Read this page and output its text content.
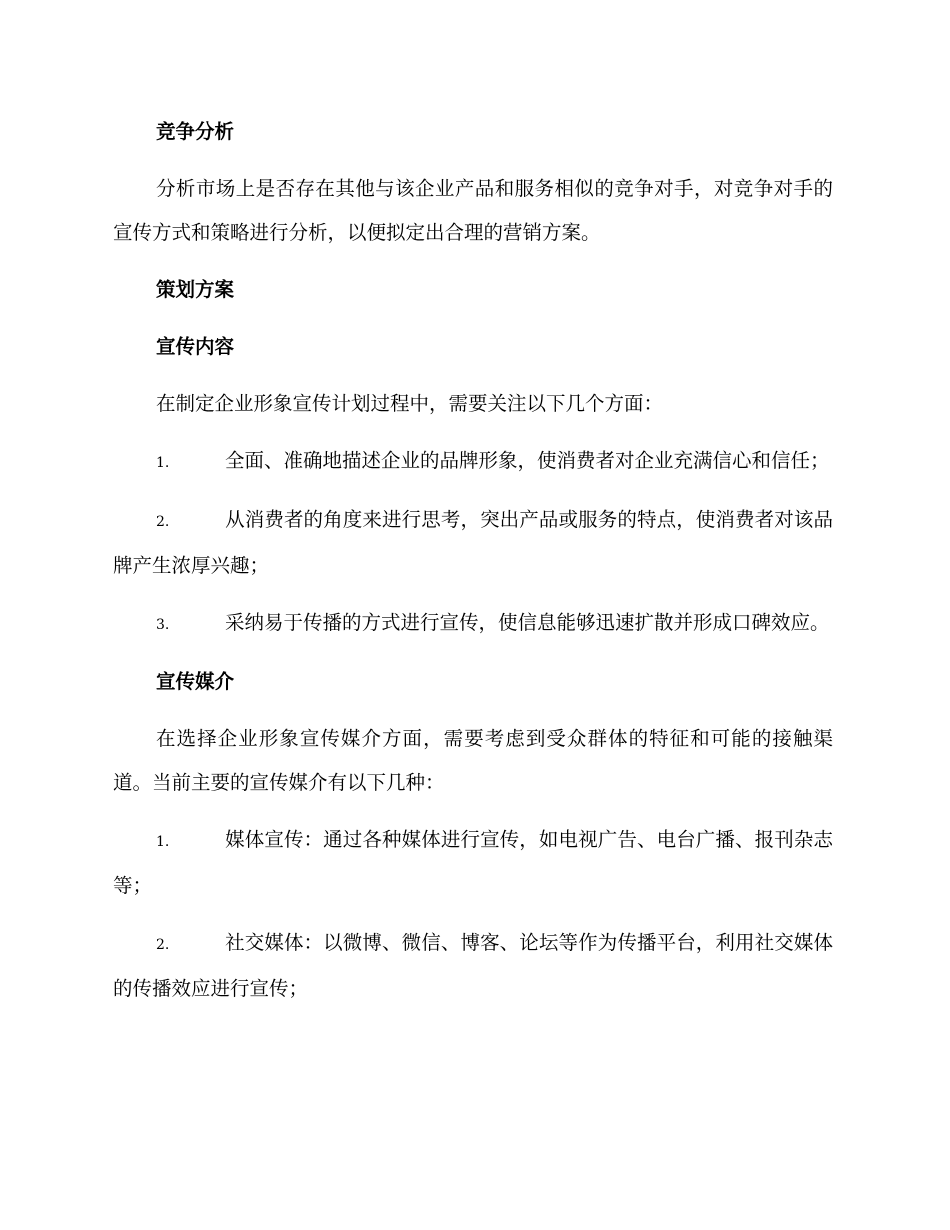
竞争分析

分析市场上是否存在其他与该企业产品和服务相似的竞争对手，对竞争对手的宣传方式和策略进行分析，以便拟定出合理的营销方案。

策划方案
宣传内容

在制定企业形象宣传计划过程中，需要关注以下几个方面：

1.	全面、准确地描述企业的品牌形象，使消费者对企业充满信心和信任；

2.	从消费者的角度来进行思考，突出产品或服务的特点，使消费者对该品牌产生浓厚兴趣；

3.	采纳易于传播的方式进行宣传，使信息能够迅速扩散并形成口碑效应。

宣传媒介

在选择企业形象宣传媒介方面，需要考虑到受众群体的特征和可能的接触渠道。当前主要的宣传媒介有以下几种：

1.	媒体宣传：通过各种媒体进行宣传，如电视广告、电台广播、报刊杂志等；

2.	社交媒体：以微博、微信、博客、论坛等作为传播平台，利用社交媒体的传播效应进行宣传；
